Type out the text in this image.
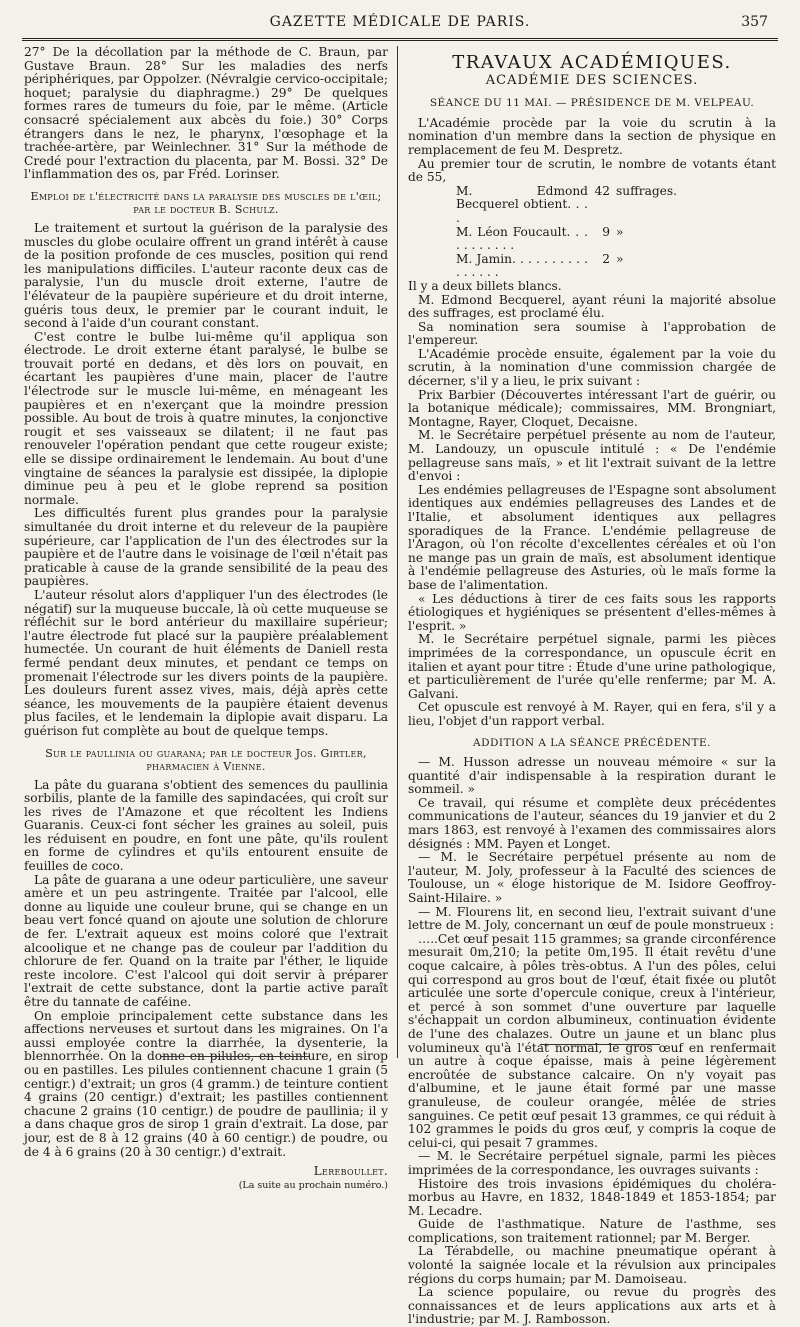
GAZETTE MÉDICALE DE PARIS.	357

27° De la décollation par la méthode de C. Braun, par Gustave Braun. 28° Sur les maladies des nerfs périphériques, par Oppolzer. (Névralgie cervico-occipitale; hoquet; paralysie du diaphragme.) 29° De quelques formes rares de tumeurs du foie, par le même. (Article consacré spécialement aux abcès du foie.) 30° Corps étrangers dans le nez, le pharynx, l'œsophage et la trachée-artère, par Weinlechner. 31° Sur la méthode de Credé pour l'extraction du placenta, par M. Bossi. 32° De l'inflammation des os, par Fréd. Lorinser.

Emploi de l'électricité dans la paralysie des muscles de l'œil; par le docteur B. Schulz.

Le traitement et surtout la guérison de la paralysie des muscles du globe oculaire offrent un grand intérêt à cause de la position profonde de ces muscles, position qui rend les manipulations difficiles. L'auteur raconte deux cas de paralysie, l'un du muscle droit externe, l'autre de l'élévateur de la paupière supérieure et du droit interne, guéris tous deux, le premier par le courant induit, le second à l'aide d'un courant constant.

C'est contre le bulbe lui-même qu'il appliqua son électrode. Le droit externe étant paralysé, le bulbe se trouvait porté en dedans, et dès lors on pouvait, en écartant les paupières d'une main, placer de l'autre l'électrode sur le muscle lui-même, en ménageant les paupières et en n'exerçant que la moindre pression possible. Au bout de trois à quatre minutes, la conjonctive rougit et ses vaisseaux se dilatent; il ne faut pas renouveler l'opération pendant que cette rougeur existe; elle se dissipe ordinairement le lendemain. Au bout d'une vingtaine de séances la paralysie est dissipée, la diplopie diminue peu à peu et le globe reprend sa position normale.

Les difficultés furent plus grandes pour la paralysie simultanée du droit interne et du releveur de la paupière supérieure, car l'application de l'un des électrodes sur la paupière et de l'autre dans le voisinage de l'œil n'était pas praticable à cause de la grande sensibilité de la peau des paupières.

L'auteur résolut alors d'appliquer l'un des électrodes (le négatif) sur la muqueuse buccale, là où cette muqueuse se réfléchit sur le bord antérieur du maxillaire supérieur; l'autre électrode fut placé sur la paupière préalablement humectée. Un courant de huit éléments de Daniell resta fermé pendant deux minutes, et pendant ce temps on promenait l'électrode sur les divers points de la paupière. Les douleurs furent assez vives, mais, déjà après cette séance, les mouvements de la paupière étaient devenus plus faciles, et le lendemain la diplopie avait disparu. La guérison fut complète au bout de quelque temps.

Sur le paullinia ou guarana; par le docteur Jos. Girtler, pharmacien à Vienne.

La pâte du guarana s'obtient des semences du paullinia sorbilis, plante de la famille des sapindacées, qui croît sur les rives de l'Amazone et que récoltent les Indiens Guaranis. Ceux-ci font sécher les graines au soleil, puis les réduisent en poudre, en font une pâte, qu'ils roulent en forme de cylindres et qu'ils entourent ensuite de feuilles de coco.

La pâte de guarana a une odeur particulière, une saveur amère et un peu astringente. Traitée par l'alcool, elle donne au liquide une couleur brune, qui se change en un beau vert foncé quand on ajoute une solution de chlorure de fer. L'extrait aqueux est moins coloré que l'extrait alcoolique et ne change pas de couleur par l'addition du chlorure de fer. Quand on la traite par l'éther, le liquide reste incolore. C'est l'alcool qui doit servir à préparer l'extrait de cette substance, dont la partie active paraît être du tannate de caféine.

On emploie principalement cette substance dans les affections nerveuses et surtout dans les migraines. On l'a aussi employée contre la diarrhée, la dysenterie, la blennorrhée. On la donne en pilules, en teinture, en sirop ou en pastilles. Les pilules contiennent chacune 1 grain (5 centigr.) d'extrait; un gros (4 gramm.) de teinture contient 4 grains (20 centigr.) d'extrait; les pastilles contiennent chacune 2 grains (10 centigr.) de poudre de paullinia; il y a dans chaque gros de sirop 1 grain d'extrait. La dose, par jour, est de 8 à 12 grains (40 à 60 centigr.) de poudre, ou de 4 à 6 grains (20 à 30 centigr.) d'extrait.

Lereboullet.

(La suite au prochain numéro.)

TRAVAUX ACADÉMIQUES.

ACADÉMIE DES SCIENCES.

SÉANCE DU 11 MAI. — PRÉSIDENCE DE M. VELPEAU.

L'Académie procède par la voie du scrutin à la nomination d'un membre dans la section de physique en remplacement de feu M. Despretz.

Au premier tour de scrutin, le nombre de votants étant de 55,

M. Edmond Becquerel obtient. . . .
42 suffrages.
M. Léon Foucault. . . . . . . . . . .
9 »
M. Jamin. . . . . . . . . . . . . . . .
2 »

Il y a deux billets blancs.

M. Edmond Becquerel, ayant réuni la majorité absolue des suffrages, est proclamé élu.

Sa nomination sera soumise à l'approbation de l'empereur.

L'Académie procède ensuite, également par la voie du scrutin, à la nomination d'une commission chargée de décerner, s'il y a lieu, le prix suivant :

Prix Barbier (Découvertes intéressant l'art de guérir, ou la botanique médicale); commissaires, MM. Brongniart, Montagne, Rayer, Cloquet, Decaisne.

M. le Secrétaire perpétuel présente au nom de l'auteur, M. Landouzy, un opuscule intitulé : « De l'endémie pellagreuse sans maïs, » et lit l'extrait suivant de la lettre d'envoi :

Les endémies pellagreuses de l'Espagne sont absolument identiques aux endémies pellagreuses des Landes et de l'Italie, et absolument identiques aux pellagres sporadiques de la France. L'endémie pellagreuse de l'Aragon, où l'on récolte d'excellentes céréales et où l'on ne mange pas un grain de maïs, est absolument identique à l'endémie pellagreuse des Asturies, où le maïs forme la base de l'alimentation.

« Les déductions à tirer de ces faits sous les rapports étiologiques et hygiéniques se présentent d'elles-mêmes à l'esprit. »

M. le Secrétaire perpétuel signale, parmi les pièces imprimées de la correspondance, un opuscule écrit en italien et ayant pour titre : Étude d'une urine pathologique, et particulièrement de l'urée qu'elle renferme; par M. A. Galvani.

Cet opuscule est renvoyé à M. Rayer, qui en fera, s'il y a lieu, l'objet d'un rapport verbal.

ADDITION A LA SÉANCE PRÉCÉDENTE.

— M. Husson adresse un nouveau mémoire « sur la quantité d'air indispensable à la respiration durant le sommeil. »

Ce travail, qui résume et complète deux précédentes communications de l'auteur, séances du 19 janvier et du 2 mars 1863, est renvoyé à l'examen des commissaires alors désignés : MM. Payen et Longet.

— M. le Secrétaire perpétuel présente au nom de l'auteur, M. Joly, professeur à la Faculté des sciences de Toulouse, un « éloge historique de M. Isidore Geoffroy-Saint-Hilaire. »

— M. Flourens lit, en second lieu, l'extrait suivant d'une lettre de M. Joly, concernant un œuf de poule monstrueux :

…..Cet œuf pesait 115 grammes; sa grande circonférence mesurait 0m,210; la petite 0m,195. Il était revêtu d'une coque calcaire, à pôles très-obtus. A l'un des pôles, celui qui correspond au gros bout de l'œuf, était fixée ou plutôt articulée une sorte d'opercule conique, creux à l'intérieur, et percé à son sommet d'une ouverture par laquelle s'échappait un cordon albumineux, continuation évidente de l'une des chalazes. Outre un jaune et un blanc plus volumineux qu'à l'état normal, le gros œuf en renfermait un autre à coque épaisse, mais à peine légèrement encroûtée de substance calcaire. On n'y voyait pas d'albumine, et le jaune était formé par une masse granuleuse, de couleur orangée, mêlée de stries sanguines. Ce petit œuf pesait 13 grammes, ce qui réduit à 102 grammes le poids du gros œuf, y compris la coque de celui-ci, qui pesait 7 grammes.

— M. le Secrétaire perpétuel signale, parmi les pièces imprimées de la correspondance, les ouvrages suivants :

Histoire des trois invasions épidémiques du choléra-morbus au Havre, en 1832, 1848-1849 et 1853-1854; par M. Lecadre.

Guide de l'asthmatique. Nature de l'asthme, ses complications, son traitement rationnel; par M. Berger.

La Térabdelle, ou machine pneumatique opérant à volonté la saignée locale et la révulsion aux principales régions du corps humain; par M. Damoiseau.

La science populaire, ou revue du progrès des connaissances et de leurs applications aux arts et à l'industrie; par M. J. Rambosson.
